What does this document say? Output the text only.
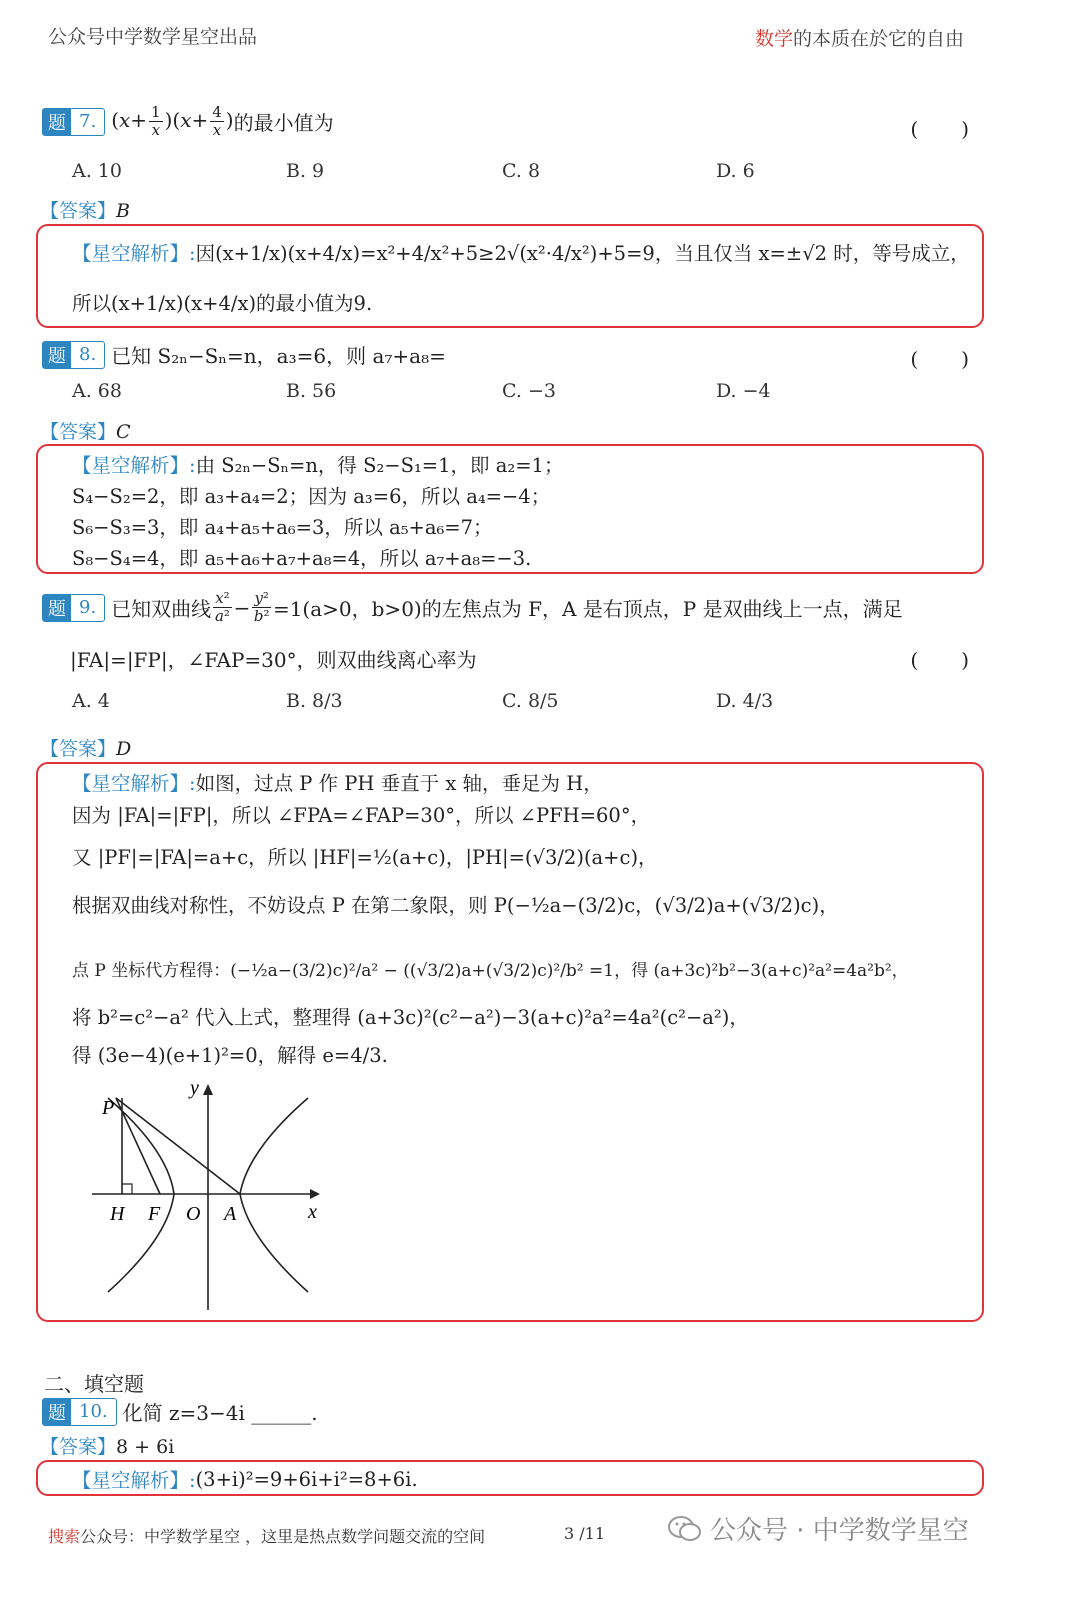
公众号中学数学星空出品	数学的本质在於它的自由
题 7. $(x+ \frac{1}{x} )(x+ \frac{4}{x}$ ) 的最小值为	(　　)
A. 10	B. 9	C. 8	D. 6
【答案】B
【星空解析】: 因(x+1/x)(x+4/x)=x²+4/x²+5≥2√(x²·4/x²)+5=9，当且仅当 x=±√2 时，等号成立，
所以(x+1/x)(x+4/x)的最小值为9.
题 8. 已知 S₂ₙ−Sₙ=n，a₃=6，则 a₇+a₈=	(　　)
A. 68	B. 56	C. −3	D. −4
【答案】C
【星空解析】: 由 S₂ₙ−Sₙ=n，得 S₂−S₁=1，即 a₂=1；
S₄−S₂=2，即 a₃+a₄=2；因为 a₃=6，所以 a₄=−4；
S₆−S₃=3，即 a₄+a₅+a₆=3，所以 a₅+a₆=7；
S₈−S₄=4，即 a₅+a₆+a₇+a₈=4，所以 a₇+a₈=−3.
题 9. 已知双曲线 $\frac{\text{x²}}{\text{a²}} - \frac{\text{y²}}{\text{b²}} =1(a>0$，b>0)的左焦点为 F，A 是右顶点，P 是双曲线上一点，满足
|FA|=|FP|，∠FAP=30°，则双曲线离心率为	(　　)
A. 4	B. 8/3	C. 8/5	D. 4/3
【答案】D
【星空解析】: 如图，过点 P 作 PH 垂直于 x 轴，垂足为 H，
因为 |FA|=|FP|，所以 ∠FPA=∠FAP=30°，所以 ∠PFH=60°，
又 |PF|=|FA|=a+c，所以 |HF|=½(a+c)，|PH|=(√3/2)(a+c)，
根据双曲线对称性，不妨设点 P 在第二象限，则 P(−½a−(3/2)c，(√3/2)a+(√3/2)c)，
点 P 坐标代方程得：(−½a−(3/2)c)²/a² − ((√3/2)a+(√3/2)c)²/b² =1，得 (a+3c)²b²−3(a+c)²a²=4a²b²，
将 b²=c²−a² 代入上式，整理得 (a+3c)²(c²−a²)−3(a+c)²a²=4a²(c²−a²)，
得 (3e−4)(e+1)²=0，解得 e=4/3.
P
H F O A	x
y
二、填空题
题 10. 化简 z=3−4i ______.
【答案】8 + 6i
【星空解析】: (3+i)²=9+6i+i²=8+6i.
搜索公众号：中学数学星空 ，这里是热点数学问题交流的空间	3 /11	公众号 · 中学数学星空
